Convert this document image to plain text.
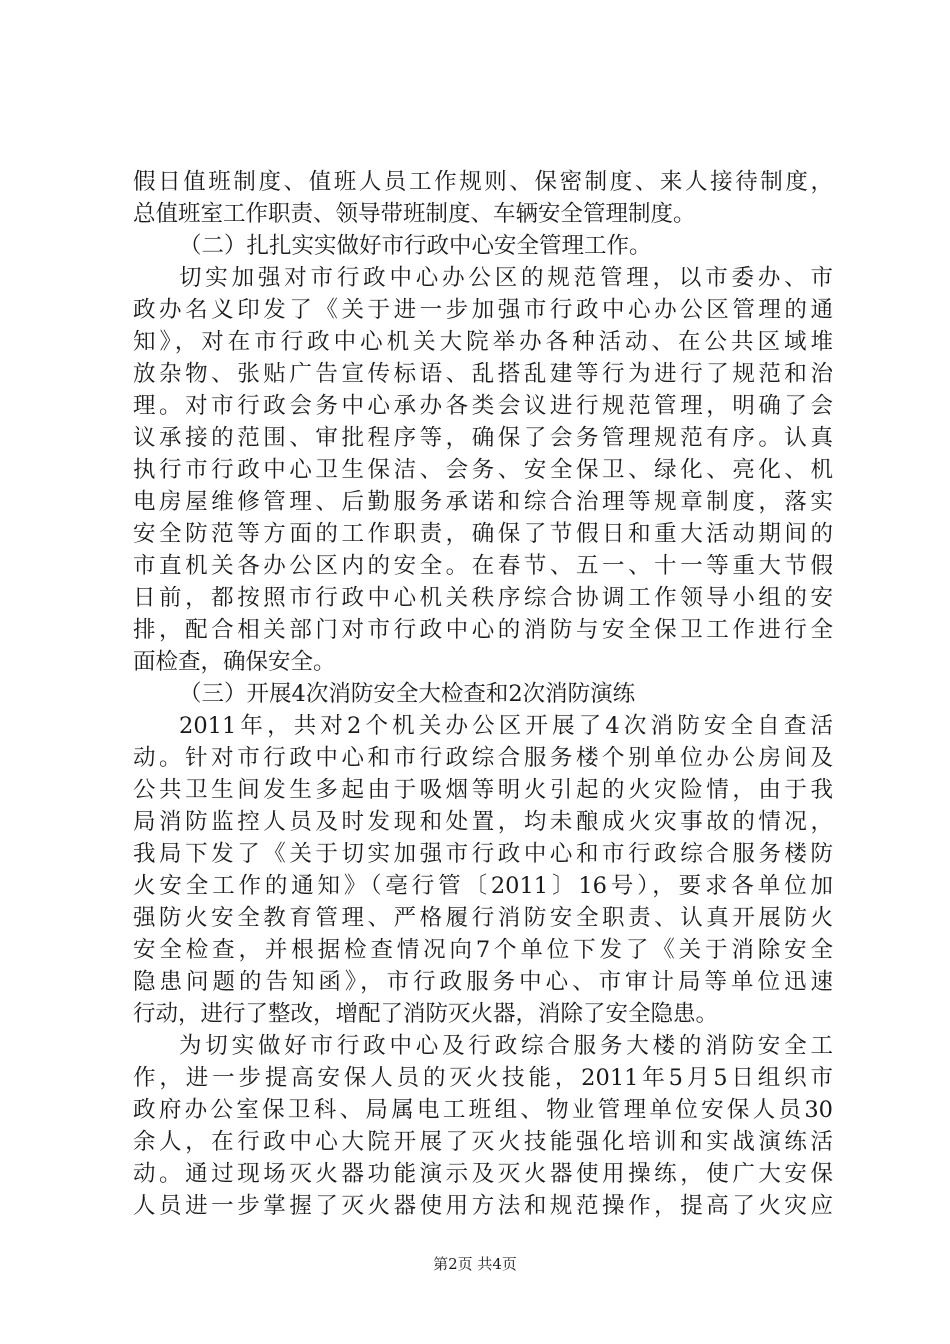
假日值班制度、值班人员工作规则、保密制度、来人接待制度，
总值班室工作职责、领导带班制度、车辆安全管理制度。
（二）扎扎实实做好市行政中心安全管理工作。
切实加强对市行政中心办公区的规范管理，以市委办、市
政办名义印发了《关于进一步加强市行政中心办公区管理的通
知》，对在市行政中心机关大院举办各种活动、在公共区域堆
放杂物、张贴广告宣传标语、乱搭乱建等行为进行了规范和治
理。对市行政会务中心承办各类会议进行规范管理，明确了会
议承接的范围、审批程序等，确保了会务管理规范有序。认真
执行市行政中心卫生保洁、会务、安全保卫、绿化、亮化、机
电房屋维修管理、后勤服务承诺和综合治理等规章制度，落实
安全防范等方面的工作职责，确保了节假日和重大活动期间的
市直机关各办公区内的安全。在春节、五一、十一等重大节假
日前，都按照市行政中心机关秩序综合协调工作领导小组的安
排，配合相关部门对市行政中心的消防与安全保卫工作进行全
面检查，确保安全。
（三）开展4次消防安全大检查和2次消防演练
2011年，共对2个机关办公区开展了4次消防安全自查活
动。针对市行政中心和市行政综合服务楼个别单位办公房间及
公共卫生间发生多起由于吸烟等明火引起的火灾险情，由于我
局消防监控人员及时发现和处置，均未酿成火灾事故的情况，
我局下发了《关于切实加强市行政中心和市行政综合服务楼防
火安全工作的通知》（亳行管〔2011〕16号），要求各单位加
强防火安全教育管理、严格履行消防安全职责、认真开展防火
安全检查，并根据检查情况向7个单位下发了《关于消除安全
隐患问题的告知函》，市行政服务中心、市审计局等单位迅速
行动，进行了整改，增配了消防灭火器，消除了安全隐患。
为切实做好市行政中心及行政综合服务大楼的消防安全工
作，进一步提高安保人员的灭火技能，2011年5月5日组织市
政府办公室保卫科、局属电工班组、物业管理单位安保人员30
余人，在行政中心大院开展了灭火技能强化培训和实战演练活
动。通过现场灭火器功能演示及灭火器使用操练，使广大安保
人员进一步掌握了灭火器使用方法和规范操作，提高了火灾应
第2页 共4页
